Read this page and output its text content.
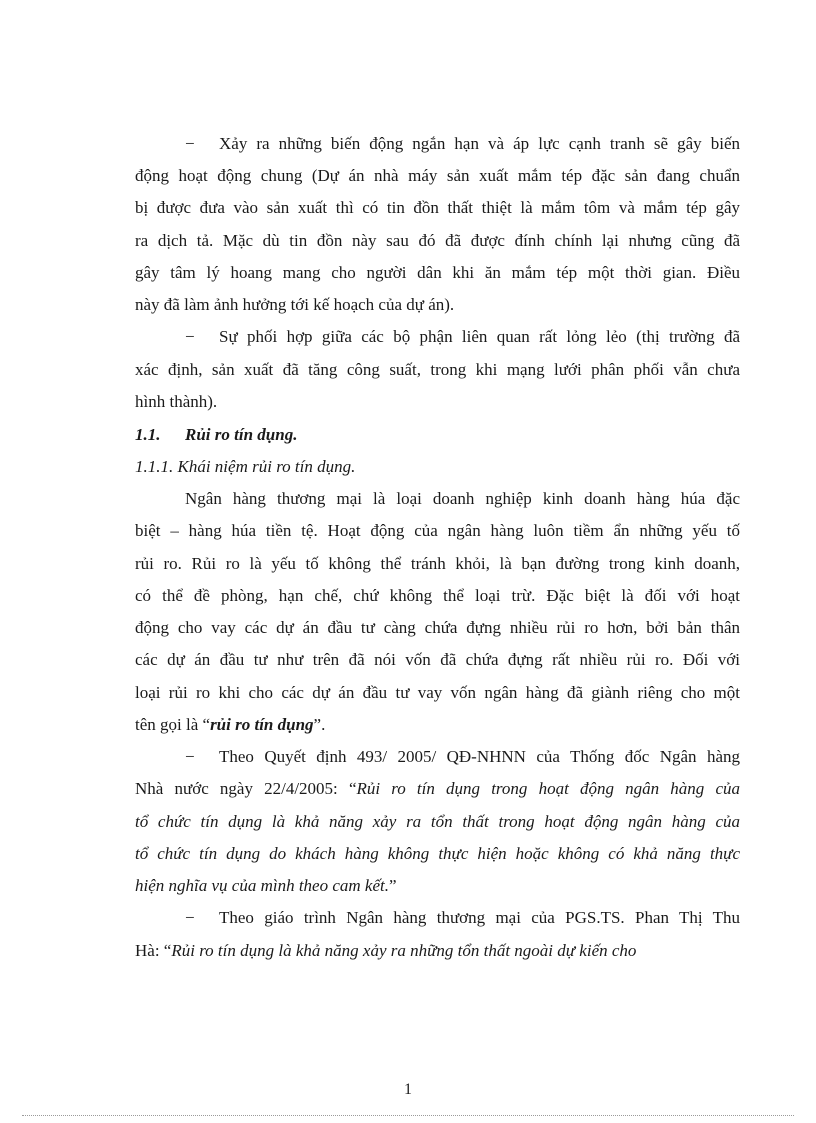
− Xảy ra những biến động ngắn hạn và áp lực cạnh tranh sẽ gây biến
động hoạt động chung (Dự án nhà máy sản xuất mắm tép đặc sản đang chuẩn
bị được đưa vào sản xuất thì có tin đồn thất thiệt là mắm tôm và mắm tép gây
ra dịch tả. Mặc dù tin đồn này sau đó đã được đính chính lại nhưng cũng đã
gây tâm lý hoang mang cho người dân khi ăn mắm tép một thời gian. Điều
này đã làm ảnh hưởng tới kế hoạch của dự án).
− Sự phối hợp giữa các bộ phận liên quan rất lỏng lẻo (thị trường đã
xác định, sản xuất đã tăng công suất, trong khi mạng lưới phân phối vẫn chưa
hình thành).
1.1. Rủi ro tín dụng.
1.1.1. Khái niệm rủi ro tín dụng.
Ngân hàng thương mại là loại doanh nghiệp kinh doanh hàng húa đặc
biệt – hàng húa tiền tệ. Hoạt động của ngân hàng luôn tiềm ẩn những yếu tố
rủi ro. Rủi ro là yếu tố không thể tránh khỏi, là bạn đường trong kinh doanh,
có thể đề phòng, hạn chế, chứ không thể loại trừ. Đặc biệt là đối với hoạt
động cho vay các dự án đầu tư càng chứa đựng nhiều rủi ro hơn, bởi bản thân
các dự án đầu tư như trên đã nói vốn đã chứa đựng rất nhiều rủi ro. Đối với
loại rủi ro khi cho các dự án đầu tư vay vốn ngân hàng đã giành riêng cho một
tên gọi là “rủi ro tín dụng”.
− Theo Quyết định 493/ 2005/ QĐ-NHNN của Thống đốc Ngân hàng
Nhà nước ngày 22/4/2005: “Rủi ro tín dụng trong hoạt động ngân hàng của
tổ chức tín dụng là khả năng xảy ra tổn thất trong hoạt động ngân hàng của
tổ chức tín dụng do khách hàng không thực hiện hoặc không có khả năng thực
hiện nghĩa vụ của mình theo cam kết.”
− Theo giáo trình Ngân hàng thương mại của PGS.TS. Phan Thị Thu
Hà: “Rủi ro tín dụng là khả năng xảy ra những tổn thất ngoài dự kiến cho
1
